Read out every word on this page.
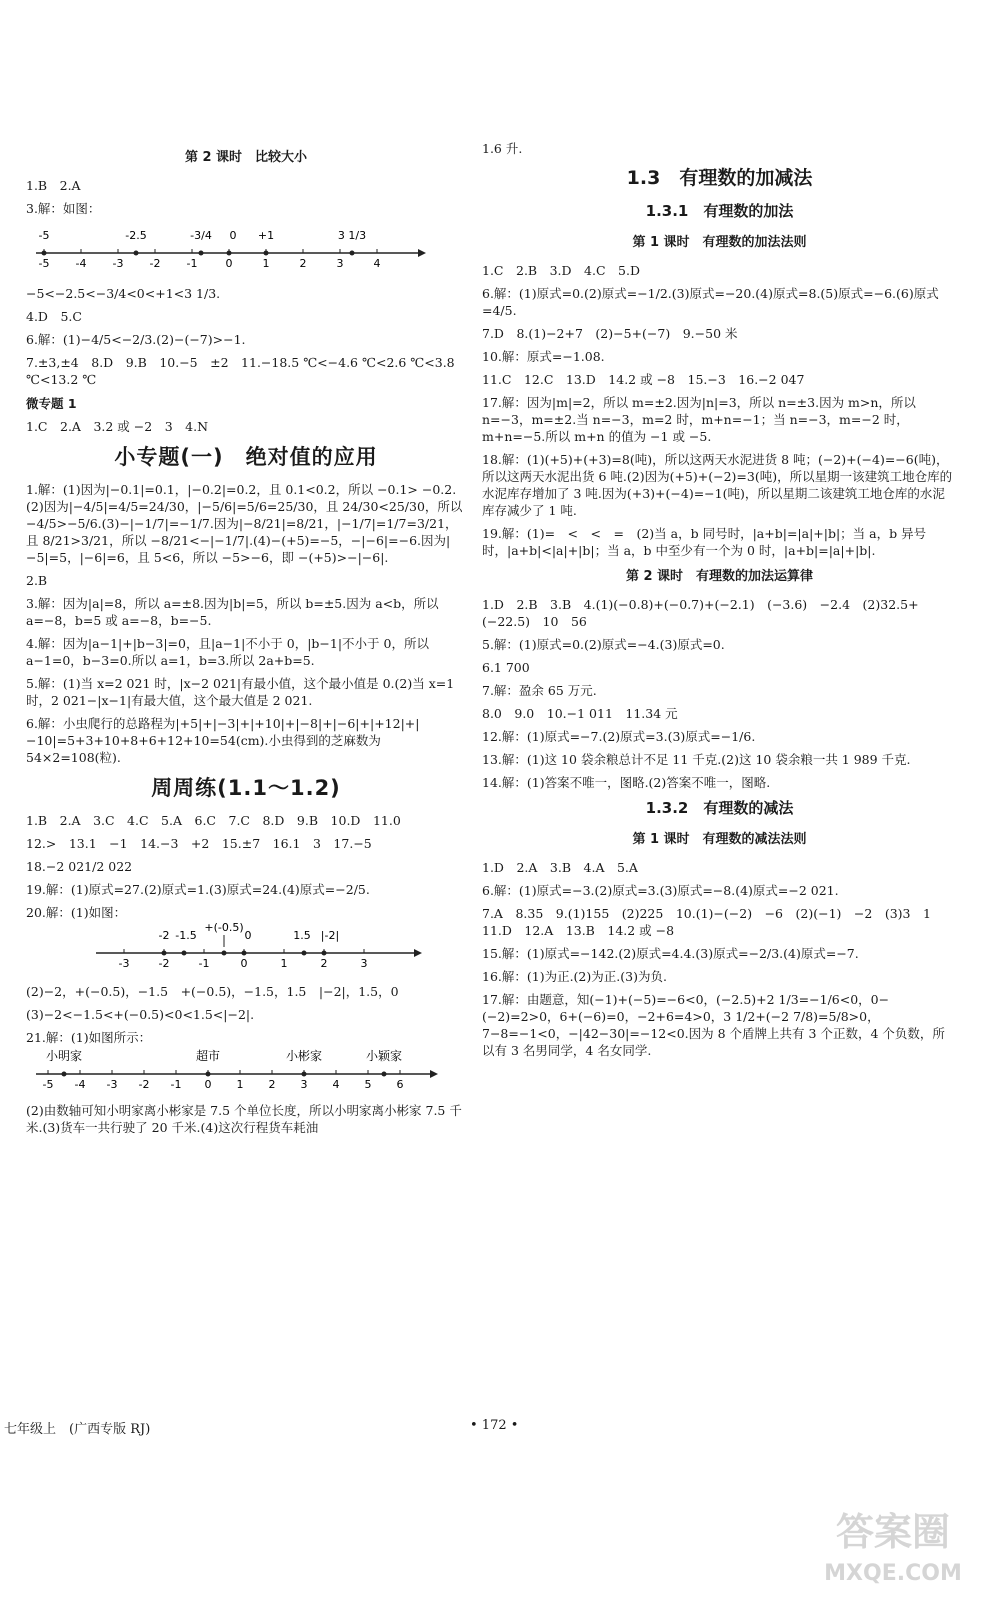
第 2 课时　比较大小
1.B　2.A
3.解：如图：
-5 -4 -3 -2 -1	0	1	2	3	4
-5	-2.5	-3/4 0 +1	3 1/3
−5<−2.5<−3/4<0<+1<3 1/3.
4.D　5.C
6.解：(1)−4/5<−2/3.(2)−(−7)>−1.
7.±3,±4　8.D　9.B　10.−5　±2　11.−18.5 ℃<−4.6 ℃<2.6 ℃<3.8 ℃<13.2 ℃
微专题 1
1.C　2.A　3.2 或 −2　3　4.N
小专题(一)　绝对值的应用
1.解：(1)因为|−0.1|=0.1，|−0.2|=0.2，且 0.1<0.2，所以 −0.1> −0.2.(2)因为|−4/5|=4/5=24/30，|−5/6|=5/6=25/30，且 24/30<25/30，所以 −4/5>−5/6.(3)−|−1/7|=−1/7.因为|−8/21|=8/21，|−1/7|=1/7=3/21，且 8/21>3/21，所以 −8/21<−|−1/7|.(4)−(+5)=−5，−|−6|=−6.因为|−5|=5，|−6|=6，且 5<6，所以 −5>−6，即 −(+5)>−|−6|.
2.B
3.解：因为|a|=8，所以 a=±8.因为|b|=5，所以 b=±5.因为 a<b，所以 a=−8，b=5 或 a=−8，b=−5.
4.解：因为|a−1|+|b−3|=0，且|a−1|不小于 0，|b−1|不小于 0，所以 a−1=0，b−3=0.所以 a=1，b=3.所以 2a+b=5.
5.解：(1)当 x=2 021 时，|x−2 021|有最小值，这个最小值是 0.(2)当 x=1 时，2 021−|x−1|有最大值，这个最大值是 2 021.
6.解：小虫爬行的总路程为|+5|+|−3|+|+10|+|−8|+|−6|+|+12|+|−10|=5+3+10+8+6+12+10=54(cm).小虫得到的芝麻数为 54×2=108(粒).
周周练(1.1～1.2)
1.B　2.A　3.C　4.C　5.A　6.C　7.C　8.D　9.B　10.D　11.0
12.>　13.1　−1　14.−3　+2　15.±7　16.1　3　17.−5
18.−2 021/2 022
19.解：(1)原式=27.(2)原式=1.(3)原式=24.(4)原式=−2/5.
20.解：(1)如图：
-3	-2	-1	0	1	2	3
-2 -1.5
+(-0.5)
0	1.5 |-2|
(2)−2，+(−0.5)，−1.5　+(−0.5)，−1.5，1.5　|−2|，1.5，0
(3)−2<−1.5<+(−0.5)<0<1.5<|−2|.
21.解：(1)如图所示：
-5 -4 -3 -2 -1 0 1 2 3 4 5 6
小明家	超市	小彬家	小颖家
(2)由数轴可知小明家离小彬家是 7.5 个单位长度，所以小明家离小彬家 7.5 千米.(3)货车一共行驶了 20 千米.(4)这次行程货车耗油
1.6 升.
1.3　有理数的加减法
1.3.1　有理数的加法
第 1 课时　有理数的加法法则
1.C　2.B　3.D　4.C　5.D
6.解：(1)原式=0.(2)原式=−1/2.(3)原式=−20.(4)原式=8.(5)原式=−6.(6)原式=4/5.
7.D　8.(1)−2+7　(2)−5+(−7)　9.−50 米
10.解：原式=−1.08.
11.C　12.C　13.D　14.2 或 −8　15.−3　16.−2 047
17.解：因为|m|=2，所以 m=±2.因为|n|=3，所以 n=±3.因为 m>n，所以 n=−3，m=±2.当 n=−3，m=2 时，m+n=−1；当 n=−3，m=−2 时，m+n=−5.所以 m+n 的值为 −1 或 −5.
18.解：(1)(+5)+(+3)=8(吨)，所以这两天水泥进货 8 吨；(−2)+(−4)=−6(吨)，所以这两天水泥出货 6 吨.(2)因为(+5)+(−2)=3(吨)，所以星期一该建筑工地仓库的水泥库存增加了 3 吨.因为(+3)+(−4)=−1(吨)，所以星期二该建筑工地仓库的水泥库存减少了 1 吨.
19.解：(1)=　<　<　=　(2)当 a，b 同号时，|a+b|=|a|+|b|；当 a，b 异号时，|a+b|<|a|+|b|；当 a，b 中至少有一个为 0 时，|a+b|=|a|+|b|.
第 2 课时　有理数的加法运算律
1.D　2.B　3.B　4.(1)(−0.8)+(−0.7)+(−2.1)　(−3.6)　−2.4　(2)32.5+(−22.5)　10　56
5.解：(1)原式=0.(2)原式=−4.(3)原式=0.
6.1 700
7.解：盈余 65 万元.
8.0　9.0　10.−1 011　11.34 元
12.解：(1)原式=−7.(2)原式=3.(3)原式=−1/6.
13.解：(1)这 10 袋余粮总计不足 11 千克.(2)这 10 袋余粮一共 1 989 千克.
14.解：(1)答案不唯一，图略.(2)答案不唯一，图略.
1.3.2　有理数的减法
第 1 课时　有理数的减法法则
1.D　2.A　3.B　4.A　5.A
6.解：(1)原式=−3.(2)原式=3.(3)原式=−8.(4)原式=−2 021.
7.A　8.35　9.(1)155　(2)225　10.(1)−(−2)　−6　(2)(−1)　−2　(3)3　1　11.D　12.A　13.B　14.2 或 −8
15.解：(1)原式=−142.(2)原式=4.4.(3)原式=−2/3.(4)原式=−7.
16.解：(1)为正.(2)为正.(3)为负.
17.解：由题意，知(−1)+(−5)=−6<0，(−2.5)+2 1/3=−1/6<0，0−(−2)=2>0，6+(−6)=0，−2+6=4>0，3 1/2+(−2 7/8)=5/8>0，7−8=−1<0，−|42−30|=−12<0.因为 8 个盾牌上共有 3 个正数，4 个负数，所以有 3 名男同学，4 名女同学.
七年级上　(广西专版 RJ)	• 172 •
答案圈
MXQE.COM
